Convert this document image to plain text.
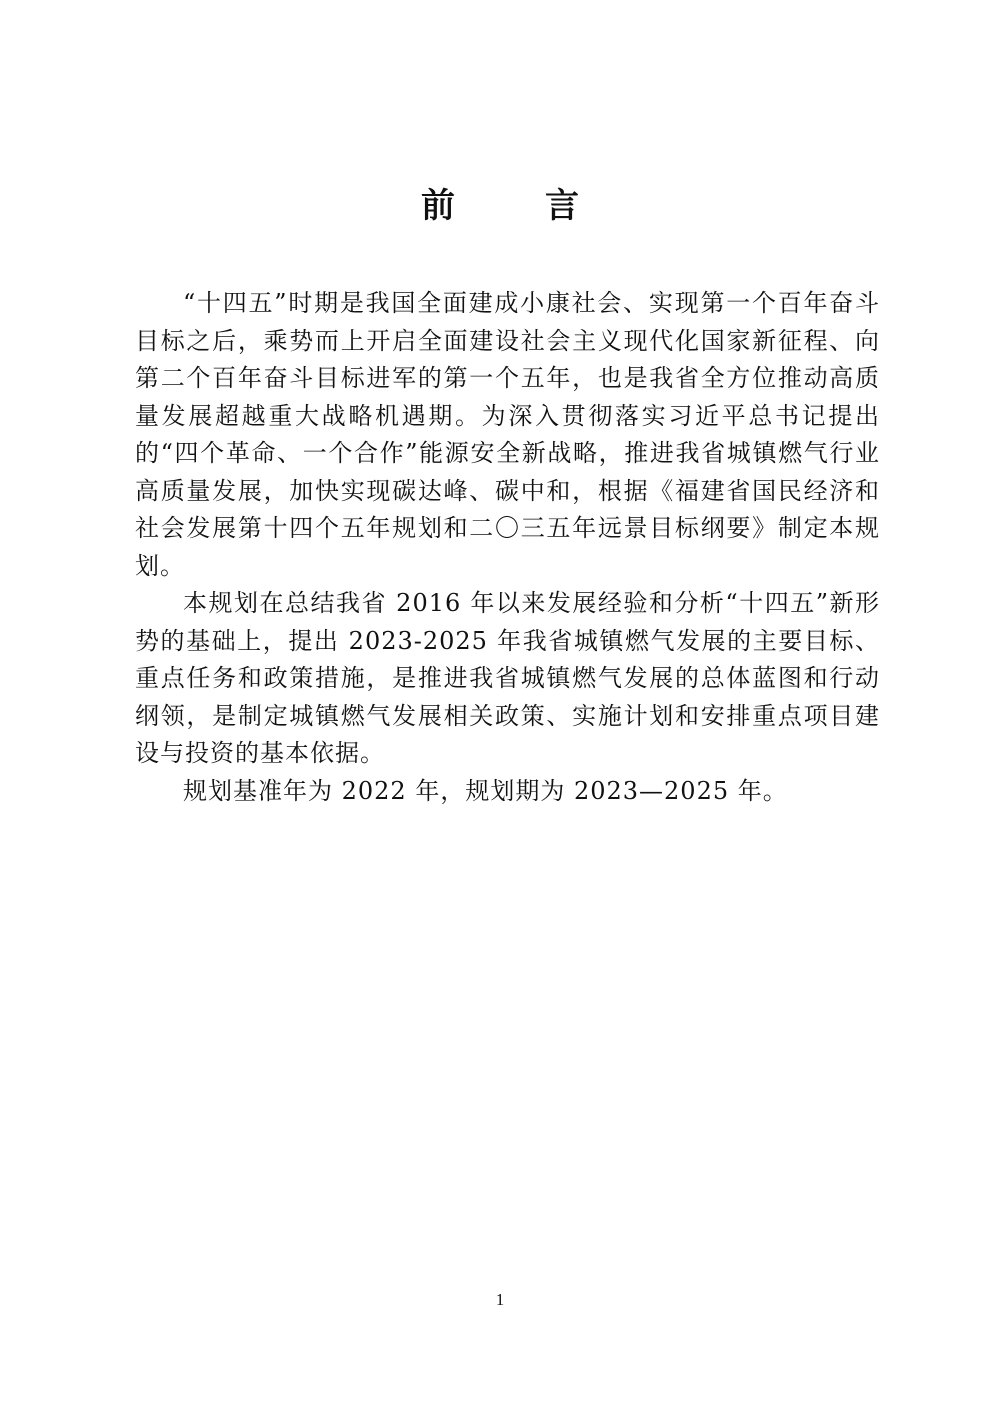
前　言

“十四五”时期是我国全面建成小康社会、实现第一个百年奋斗目标之后，乘势而上开启全面建设社会主义现代化国家新征程、向第二个百年奋斗目标进军的第一个五年，也是我省全方位推动高质量发展超越重大战略机遇期。为深入贯彻落实习近平总书记提出的“四个革命、一个合作”能源安全新战略，推进我省城镇燃气行业高质量发展，加快实现碳达峰、碳中和，根据《福建省国民经济和社会发展第十四个五年规划和二〇三五年远景目标纲要》制定本规划。

本规划在总结我省 2016 年以来发展经验和分析“十四五”新形势的基础上，提出 2023-2025 年我省城镇燃气发展的主要目标、重点任务和政策措施，是推进我省城镇燃气发展的总体蓝图和行动纲领，是制定城镇燃气发展相关政策、实施计划和安排重点项目建设与投资的基本依据。

规划基准年为 2022 年，规划期为 2023—2025 年。

1
